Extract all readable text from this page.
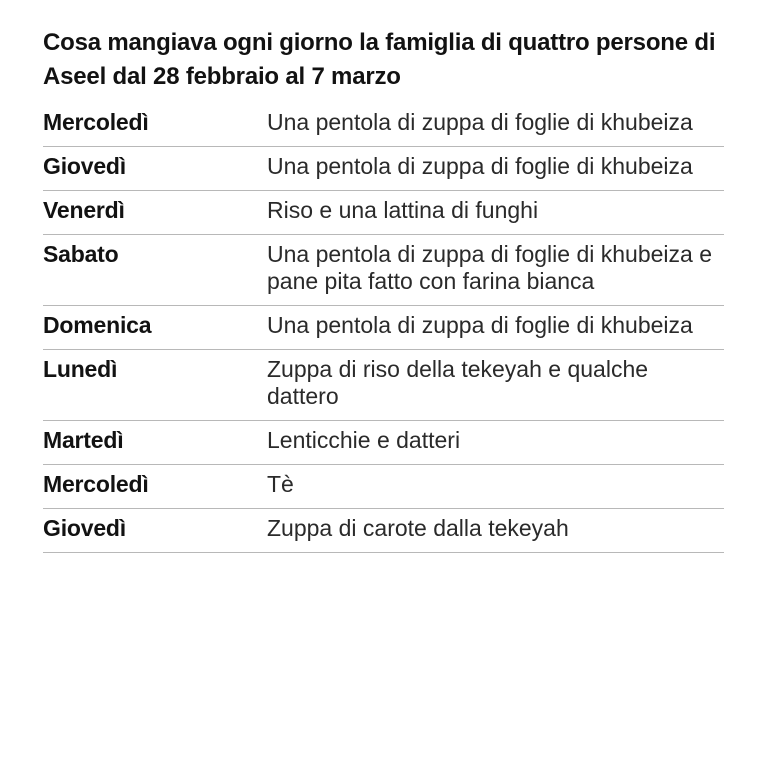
Cosa mangiava ogni giorno la famiglia di quattro persone di Aseel dal 28 febbraio al 7 marzo
Mercoledì	Una pentola di zuppa di foglie di khubeiza
Giovedì	Una pentola di zuppa di foglie di khubeiza
Venerdì	Riso e una lattina di funghi
Sabato	Una pentola di zuppa di foglie di khubeiza e pane pita fatto con farina bianca
Domenica	Una pentola di zuppa di foglie di khubeiza
Lunedì	Zuppa di riso della tekeyah e qualche dattero
Martedì	Lenticchie e datteri
Mercoledì	Tè
Giovedì	Zuppa di carote dalla tekeyah
